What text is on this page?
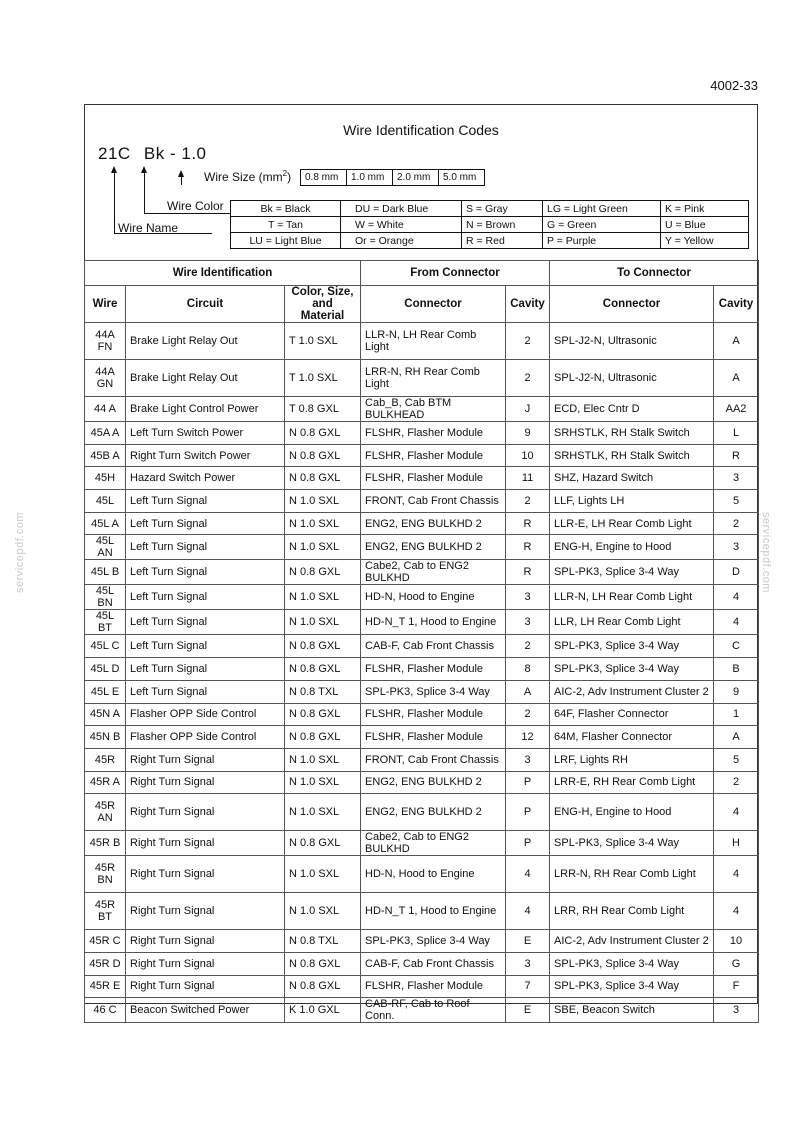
4002-33
servicepdf.com	servicepdf.com
Wire Identification Codes
21C Bk - 1.0
Wire Size $(mm^2)$ 0.8 mm	1.0 mm	2.0 mm	5.0 mm
Wire Color
Wire Name
Bk = Black	DU = Dark Blue	S = Gray	LG = Light Green	K = Pink
T = Tan	W = White	N = Brown	G = Green	U = Blue
LU = Light Blue	Or = Orange	R = Red	P = Purple	Y = Yellow
Wire Identification			From Connector		To Connector	
Wire	Circuit	Color, Size, and Material	Connector	Cavity	Connector	Cavity
44A FN	Brake Light Relay Out	T 1.0 SXL	LLR-N, LH Rear Comb Light	2	SPL-J2-N, Ultrasonic	A
44A GN	Brake Light Relay Out	T 1.0 SXL	LRR-N, RH Rear Comb Light	2	SPL-J2-N, Ultrasonic	A
44 A	Brake Light Control Power	T 0.8 GXL	Cab_B, Cab BTM BULKHEAD	J	ECD, Elec Cntr D	AA2
45A A	Left Turn Switch Power	N 0.8 GXL	FLSHR, Flasher Module	9	SRHSTLK, RH Stalk Switch	L
45B A	Right Turn Switch Power	N 0.8 GXL	FLSHR, Flasher Module	10	SRHSTLK, RH Stalk Switch	R
45H	Hazard Switch Power	N 0.8 GXL	FLSHR, Flasher Module	11	SHZ, Hazard Switch	3
45L	Left Turn Signal	N 1.0 SXL	FRONT, Cab Front Chassis	2	LLF, Lights LH	5
45L A	Left Turn Signal	N 1.0 SXL	ENG2, ENG BULKHD 2	R	LLR-E, LH Rear Comb Light	2
45L AN	Left Turn Signal	N 1.0 SXL	ENG2, ENG BULKHD 2	R	ENG-H, Engine to Hood	3
45L B	Left Turn Signal	N 0.8 GXL	Cabe2, Cab to ENG2 BULKHD	R	SPL-PK3, Splice 3-4 Way	D
45L BN	Left Turn Signal	N 1.0 SXL	HD-N, Hood to Engine	3	LLR-N, LH Rear Comb Light	4
45L BT	Left Turn Signal	N 1.0 SXL	HD-N_T 1, Hood to Engine	3	LLR, LH Rear Comb Light	4
45L C	Left Turn Signal	N 0.8 GXL	CAB-F, Cab Front Chassis	2	SPL-PK3, Splice 3-4 Way	C
45L D	Left Turn Signal	N 0.8 GXL	FLSHR, Flasher Module	8	SPL-PK3, Splice 3-4 Way	B
45L E	Left Turn Signal	N 0.8 TXL	SPL-PK3, Splice 3-4 Way	A	AIC-2, Adv Instrument Cluster 2	9
45N A	Flasher OPP Side Control	N 0.8 GXL	FLSHR, Flasher Module	2	64F, Flasher Connector	1
45N B	Flasher OPP Side Control	N 0.8 GXL	FLSHR, Flasher Module	12	64M, Flasher Connector	A
45R	Right Turn Signal	N 1.0 SXL	FRONT, Cab Front Chassis	3	LRF, Lights RH	5
45R A	Right Turn Signal	N 1.0 SXL	ENG2, ENG BULKHD 2	P	LRR-E, RH Rear Comb Light	2
45R AN	Right Turn Signal	N 1.0 SXL	ENG2, ENG BULKHD 2	P	ENG-H, Engine to Hood	4
45R B	Right Turn Signal	N 0.8 GXL	Cabe2, Cab to ENG2 BULKHD	P	SPL-PK3, Splice 3-4 Way	H
45R BN	Right Turn Signal	N 1.0 SXL	HD-N, Hood to Engine	4	LRR-N, RH Rear Comb Light	4
45R BT	Right Turn Signal	N 1.0 SXL	HD-N_T 1, Hood to Engine	4	LRR, RH Rear Comb Light	4
45R C	Right Turn Signal	N 0.8 TXL	SPL-PK3, Splice 3-4 Way	E	AIC-2, Adv Instrument Cluster 2	10
45R D	Right Turn Signal	N 0.8 GXL	CAB-F, Cab Front Chassis	3	SPL-PK3, Splice 3-4 Way	G
45R E	Right Turn Signal	N 0.8 GXL	FLSHR, Flasher Module	7	SPL-PK3, Splice 3-4 Way	F
46 C	Beacon Switched Power	K 1.0 GXL	CAB-RF, Cab to Roof Conn.	E	SBE, Beacon Switch	3
